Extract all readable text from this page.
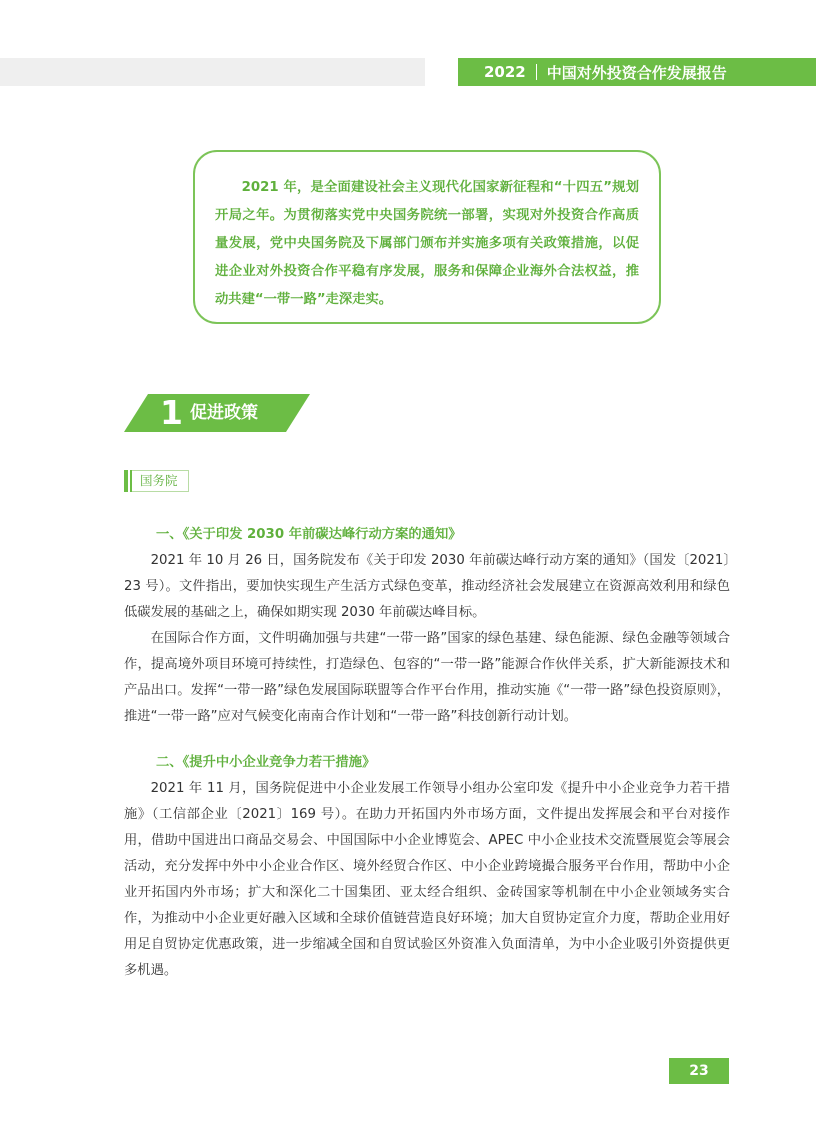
2022 中国对外投资合作发展报告

2021 年，是全面建设社会主义现代化国家新征程和“十四五”规划开局之年。为贯彻落实党中央国务院统一部署，实现对外投资合作高质量发展，党中央国务院及下属部门颁布并实施多项有关政策措施，以促进企业对外投资合作平稳有序发展，服务和保障企业海外合法权益，推动共建“一带一路”走深走实。

1 促进政策
国务院
一、《关于印发 2030 年前碳达峰行动方案的通知》

2021 年 10 月 26 日，国务院发布《关于印发 2030 年前碳达峰行动方案的通知》（国发〔2021〕23 号）。文件指出，要加快实现生产生活方式绿色变革，推动经济社会发展建立在资源高效利用和绿色低碳发展的基础之上，确保如期实现 2030 年前碳达峰目标。

在国际合作方面，文件明确加强与共建“一带一路”国家的绿色基建、绿色能源、绿色金融等领域合作，提高境外项目环境可持续性，打造绿色、包容的“一带一路”能源合作伙伴关系，扩大新能源技术和产品出口。发挥“一带一路”绿色发展国际联盟等合作平台作用，推动实施《“一带一路”绿色投资原则》，推进“一带一路”应对气候变化南南合作计划和“一带一路”科技创新行动计划。

二、《提升中小企业竞争力若干措施》

2021 年 11 月，国务院促进中小企业发展工作领导小组办公室印发《提升中小企业竞争力若干措施》（工信部企业〔2021〕169 号）。在助力开拓国内外市场方面，文件提出发挥展会和平台对接作用，借助中国进出口商品交易会、中国国际中小企业博览会、APEC 中小企业技术交流暨展览会等展会活动，充分发挥中外中小企业合作区、境外经贸合作区、中小企业跨境撮合服务平台作用，帮助中小企业开拓国内外市场；扩大和深化二十国集团、亚太经合组织、金砖国家等机制在中小企业领域务实合作，为推动中小企业更好融入区域和全球价值链营造良好环境；加大自贸协定宣介力度，帮助企业用好用足自贸协定优惠政策，进一步缩减全国和自贸试验区外资准入负面清单，为中小企业吸引外资提供更多机遇。

23
